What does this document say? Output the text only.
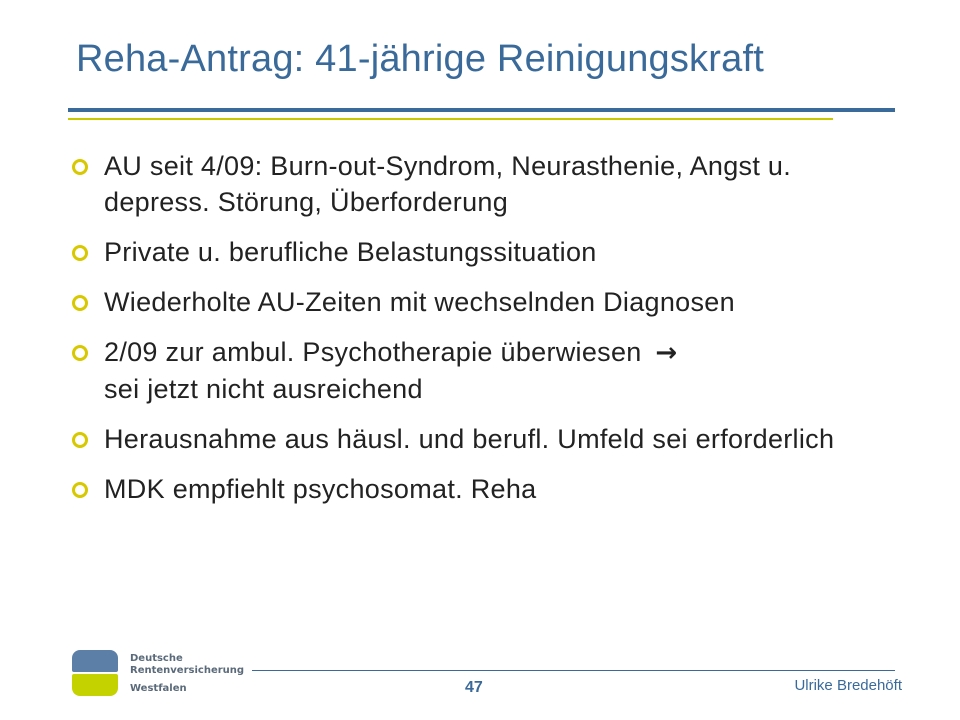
Reha-Antrag: 41-jährige Reinigungskraft
AU seit 4/09: Burn-out-Syndrom, Neurasthenie, Angst u. depress. Störung, Überforderung
Private u. berufliche Belastungssituation
Wiederholte AU-Zeiten mit wechselnden Diagnosen
2/09 zur ambul. Psychotherapie überwiesen →
sei jetzt nicht ausreichend
Herausnahme aus häusl. und berufl. Umfeld sei erforderlich
MDK empfiehlt psychosomat. Reha
Deutsche
Rentenversicherung
Westfalen	47	Ulrike Bredehöft
